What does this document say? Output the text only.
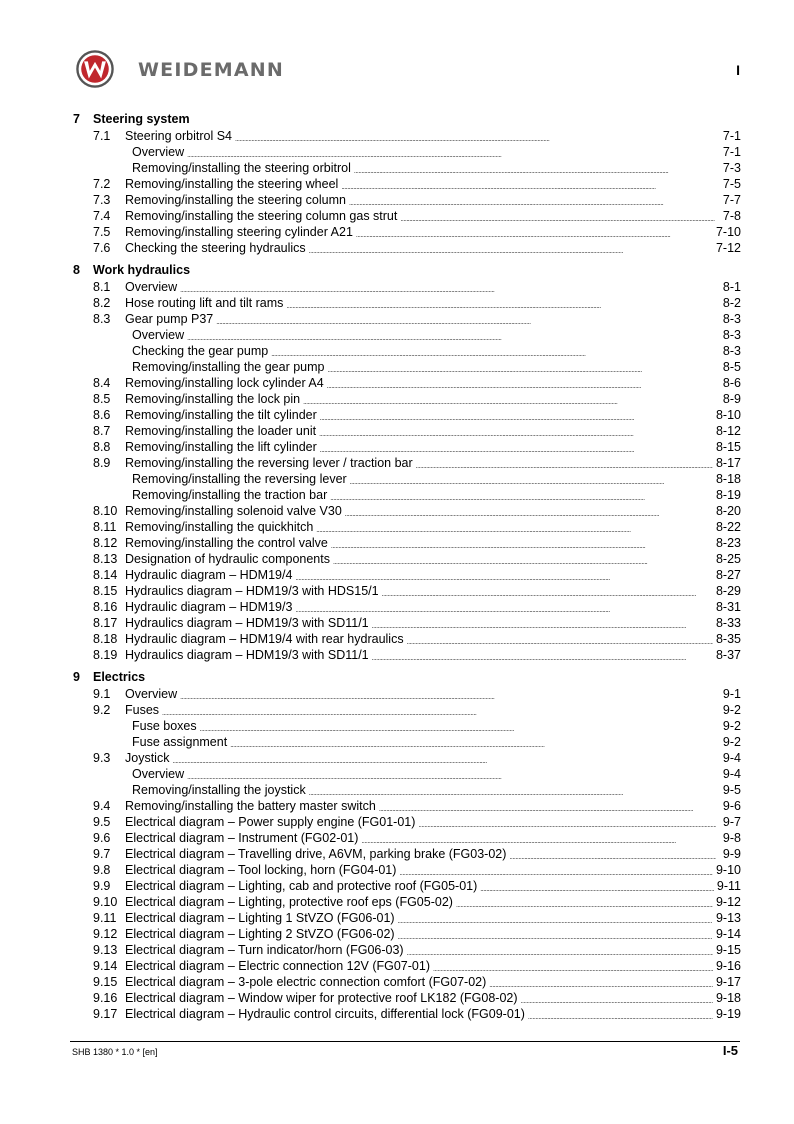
WEIDEMANN	I
7	Steering system
7.1	Steering orbitrol S4 . . .	7-1
Overview . . .	7-1
Removing/installing the steering orbitrol . . .	7-3
7.2	Removing/installing the steering wheel . . .	7-5
7.3	Removing/installing the steering column . . .	7-7
7.4	Removing/installing the steering column gas strut . . .	7-8
7.5	Removing/installing steering cylinder A21 . . .	7-10
7.6	Checking the steering hydraulics . . .	7-12
8	Work hydraulics
8.1	Overview . . .	8-1
8.2	Hose routing lift and tilt rams . . .	8-2
8.3	Gear pump P37 . . .	8-3
Overview . . .	8-3
Checking the gear pump . . .	8-3
Removing/installing the gear pump . . .	8-5
8.4	Removing/installing lock cylinder A4 . . .	8-6
8.5	Removing/installing the lock pin . . .	8-9
8.6	Removing/installing the tilt cylinder . . .	8-10
8.7	Removing/installing the loader unit . . .	8-12
8.8	Removing/installing the lift cylinder . . .	8-15
8.9	Removing/installing the reversing lever / traction bar . . .	8-17
Removing/installing the reversing lever . . .	8-18
Removing/installing the traction bar . . .	8-19
8.10 Removing/installing solenoid valve V30 . . .	8-20
8.11 Removing/installing the quickhitch . . .	8-22
8.12 Removing/installing the control valve . . .	8-23
8.13 Designation of hydraulic components . . .	8-25
8.14 Hydraulic diagram – HDM19/4 . . .	8-27
8.15 Hydraulics diagram – HDM19/3 with HDS15/1 . . .	8-29
8.16 Hydraulic diagram – HDM19/3 . . .	8-31
8.17 Hydraulics diagram – HDM19/3 with SD11/1 . . .	8-33
8.18 Hydraulic diagram – HDM19/4 with rear hydraulics . . .	8-35
8.19 Hydraulics diagram – HDM19/3 with SD11/1 . . .	8-37
9	Electrics
9.1	Overview . . .	9-1
9.2	Fuses . . .	9-2
Fuse boxes . . .	9-2
Fuse assignment . . .	9-2
9.3	Joystick . . .	9-4
Overview . . .	9-4
Removing/installing the joystick . . .	9-5
9.4	Removing/installing the battery master switch . . .	9-6
9.5	Electrical diagram – Power supply engine (FG01-01) . . .	9-7
9.6	Electrical diagram – Instrument (FG02-01) . . .	9-8
9.7	Electrical diagram – Travelling drive, A6VM, parking brake (FG03-02) . . .	9-9
9.8	Electrical diagram – Tool locking, horn (FG04-01) . . .	9-10
9.9	Electrical diagram – Lighting, cab and protective roof (FG05-01) . . .	9-11
9.10 Electrical diagram – Lighting, protective roof eps (FG05-02) . . .	9-12
9.11 Electrical diagram – Lighting 1 StVZO (FG06-01) . . .	9-13
9.12 Electrical diagram – Lighting 2 StVZO (FG06-02) . . .	9-14
9.13 Electrical diagram – Turn indicator/horn (FG06-03) . . .	9-15
9.14 Electrical diagram – Electric connection 12V (FG07-01) . . .	9-16
9.15 Electrical diagram – 3-pole electric connection comfort (FG07-02) . . .	9-17
9.16 Electrical diagram – Window wiper for protective roof LK182 (FG08-02) . . .	9-18
9.17 Electrical diagram – Hydraulic control circuits, differential lock (FG09-01) . . .	9-19
SHB 1380 * 1.0 * [en]	I-5
